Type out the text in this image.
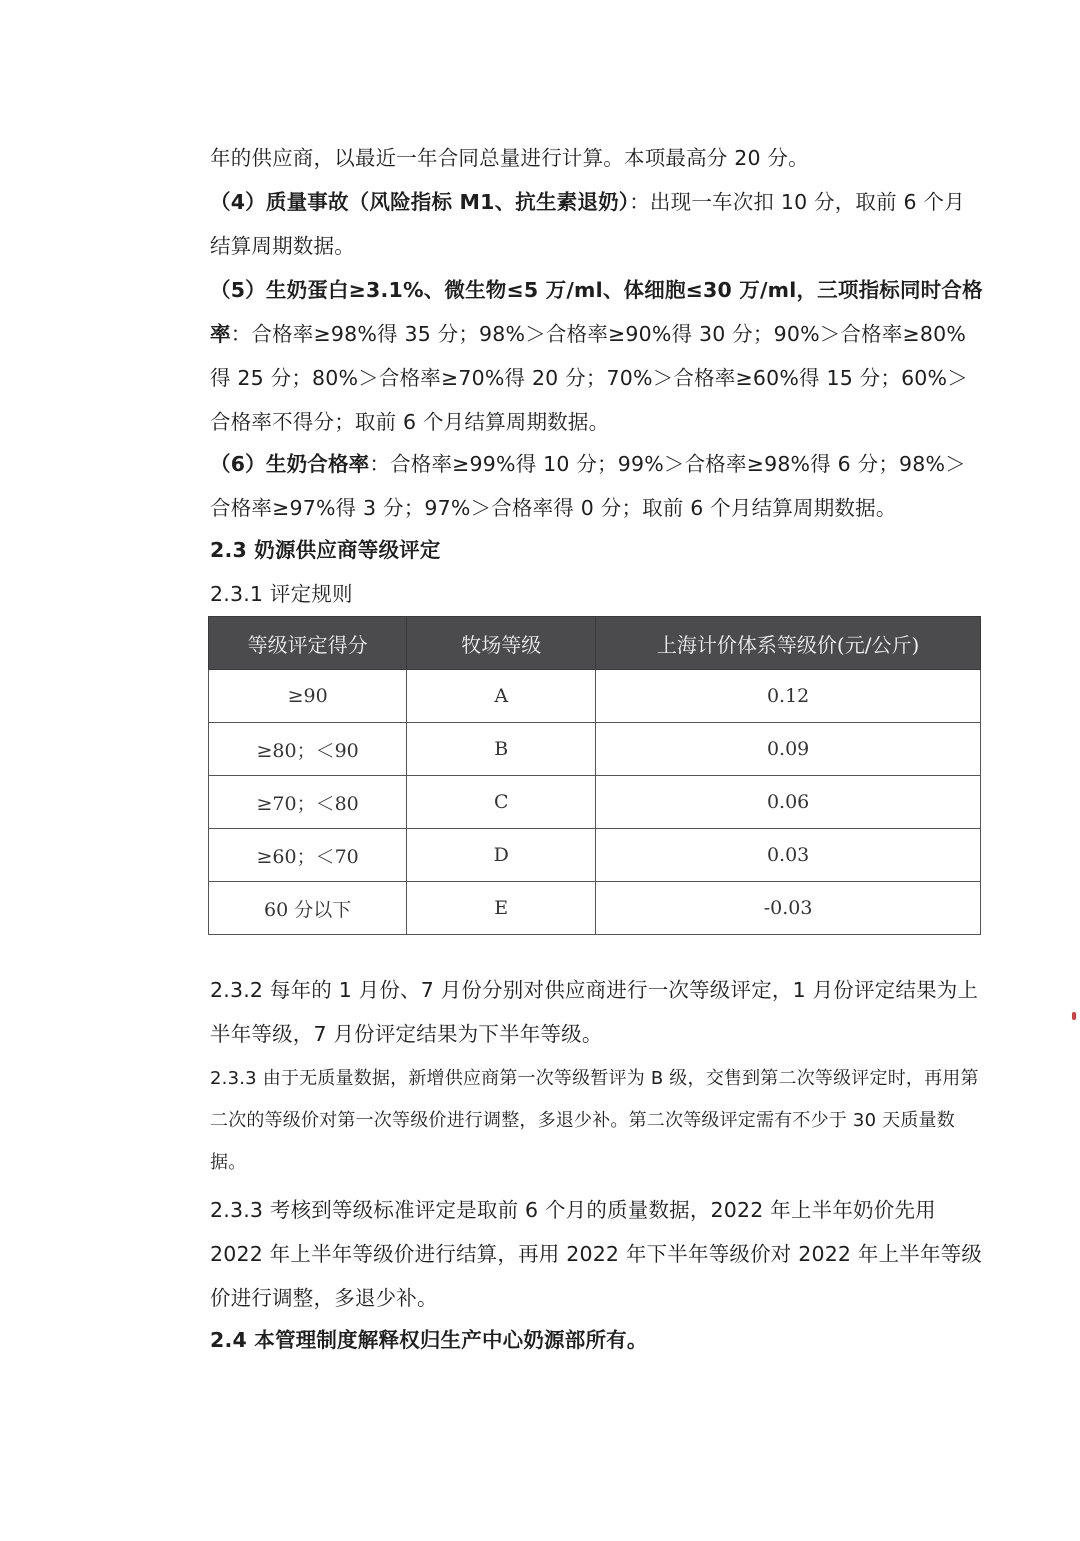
年的供应商，以最近一年合同总量进行计算。本项最高分 20 分。

（4）质量事故（风险指标 M1、抗生素退奶）：出现一车次扣 10 分，取前 6 个月结算周期数据。

（5）生奶蛋白≥3.1%、微生物≤5 万/ml、体细胞≤30 万/ml，三项指标同时合格率：合格率≥98%得 35 分；98%＞合格率≥90%得 30 分；90%＞合格率≥80%得 25 分；80%＞合格率≥70%得 20 分；70%＞合格率≥60%得 15 分；60%＞合格率不得分；取前 6 个月结算周期数据。

（6）生奶合格率：合格率≥99%得 10 分；99%＞合格率≥98%得 6 分；98%＞合格率≥97%得 3 分；97%＞合格率得 0 分；取前 6 个月结算周期数据。

2.3 奶源供应商等级评定

2.3.1 评定规则

等级评定得分	牧场等级	上海计价体系等级价(元/公斤)
≥90	A	0.12
≥80；＜90	B	0.09
≥70；＜80	C	0.06
≥60；＜70	D	0.03
60 分以下	E	-0.03

2.3.2 每年的 1 月份、7 月份分别对供应商进行一次等级评定，1 月份评定结果为上半年等级，7 月份评定结果为下半年等级。

2.3.3 由于无质量数据，新增供应商第一次等级暂评为 B 级，交售到第二次等级评定时，再用第二次的等级价对第一次等级价进行调整，多退少补。第二次等级评定需有不少于 30 天质量数据。

2.3.3 考核到等级标准评定是取前 6 个月的质量数据，2022 年上半年奶价先用 2022 年上半年等级价进行结算，再用 2022 年下半年等级价对 2022 年上半年等级价进行调整，多退少补。

2.4 本管理制度解释权归生产中心奶源部所有。
